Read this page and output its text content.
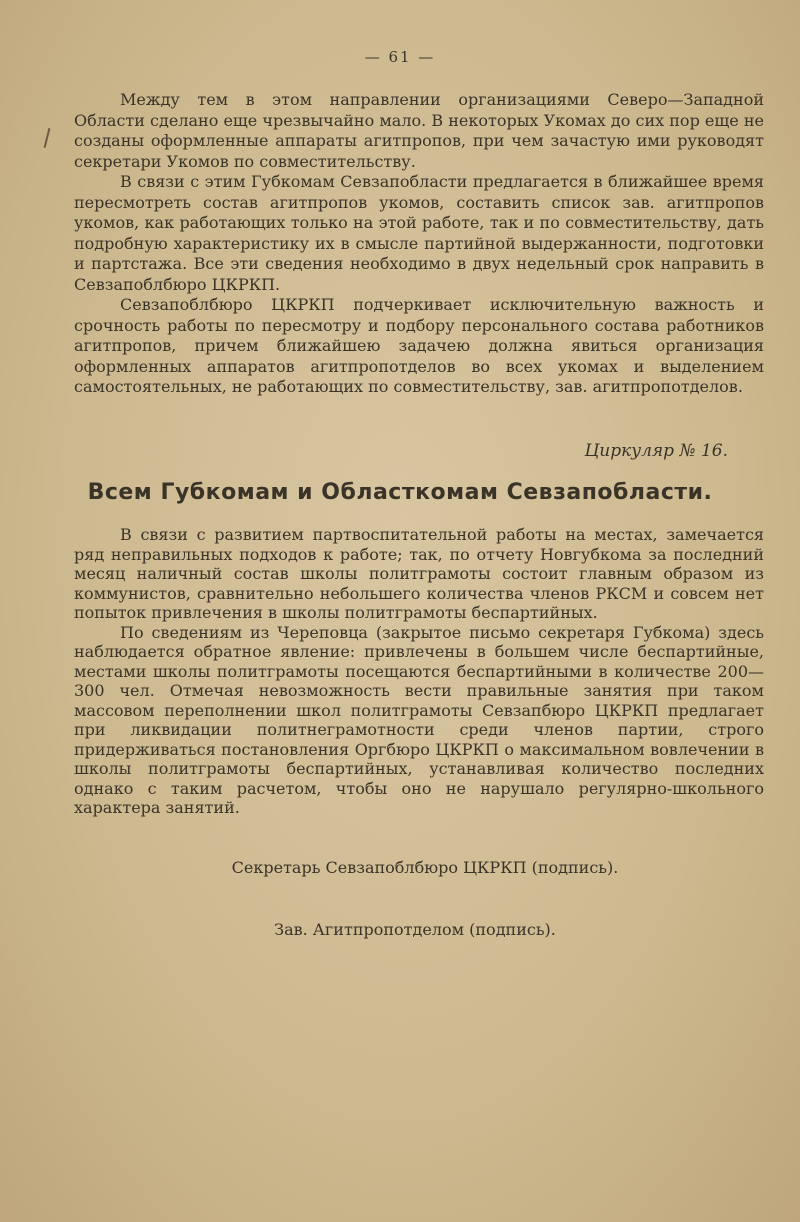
— 61 —

Между тем в этом направлении организациями Северо—Западной Области сделано еще чрезвычайно мало. В некоторых Укомах до сих пор еще не созданы оформленные аппараты агитпропов, при чем зачастую ими руководят секретари Укомов по совместительству.

В связи с этим Губкомам Севзапобласти предлагается в ближайшее время пересмотреть состав агитпропов укомов, составить список зав. агитпропов укомов, как работающих только на этой работе, так и по совместительству, дать подробную характеристику их в смысле партийной выдержанности, подготовки и партстажа. Все эти сведения необходимо в двух недельный срок направить в Севзапоблбюро ЦКРКП.

Севзапоблбюро ЦКРКП подчеркивает исключительную важность и срочность работы по пересмотру и подбору персонального состава работников агитпропов, причем ближайшею задачею должна явиться организация оформленных аппаратов агитпропотделов во всех укомах и выделением самостоятельных, не работающих по совместительству, зав. агитпропотделов.

Циркуляр № 16.
Всем Губкомам и Областкомам Севзапобласти.

В связи с развитием партвоспитательной работы на местах, замечается ряд неправильных подходов к работе; так, по отчету Новгубкома за последний месяц наличный состав школы политграмоты состоит главным образом из коммунистов, сравнительно небольшего количества членов РКСМ и совсем нет попыток привлечения в школы политграмоты беспартийных.

По сведениям из Череповца (закрытое письмо секретаря Губкома) здесь наблюдается обратное явление: привлечены в большем числе беспартийные, местами школы политграмоты посещаются беспартийными в количестве 200—300 чел. Отмечая невозможность вести правильные занятия при таком массовом переполнении школ политграмоты Севзапбюро ЦКРКП предлагает при ликвидации политнеграмотности среди членов партии, строго придерживаться постановления Оргбюро ЦКРКП о максимальном вовлечении в школы политграмоты беспартийных, устанавливая количество последних однако с таким расчетом, чтобы оно не нарушало регулярно-школьного характера занятий.

Секретарь Севзапоблбюро ЦКРКП (подпись).
Зав. Агитпропотделом (подпись).
